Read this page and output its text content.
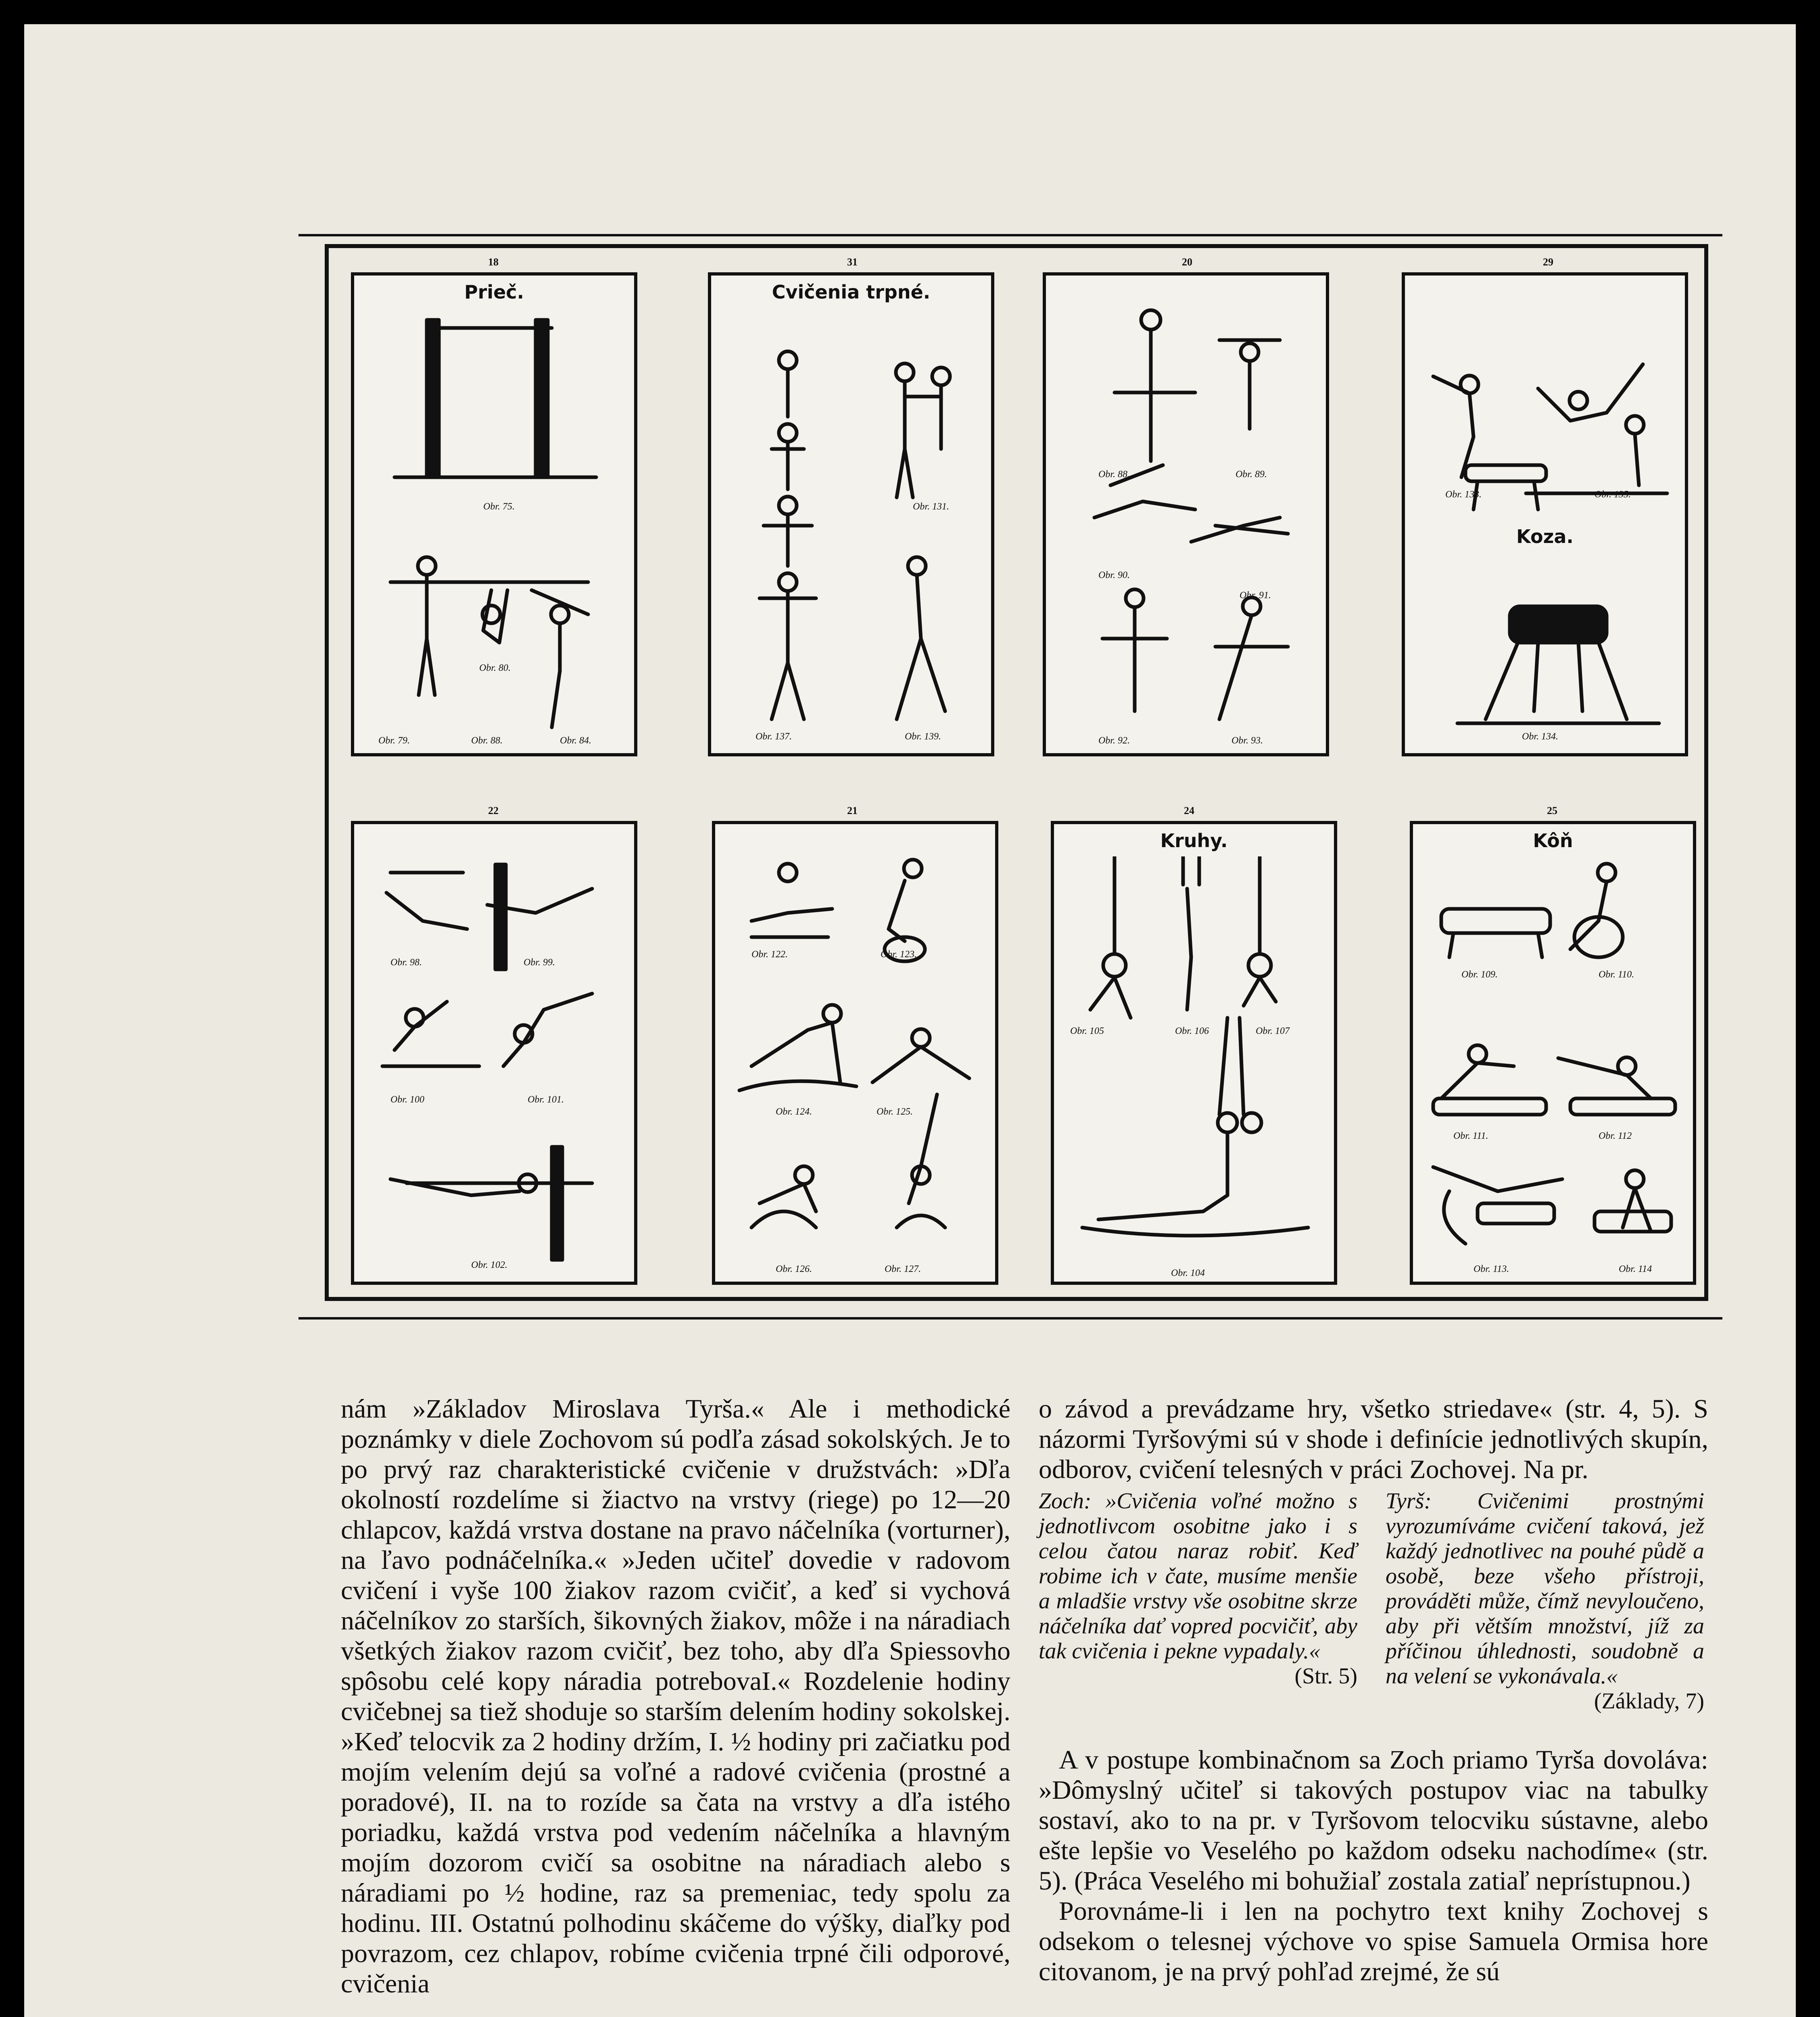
Prieč.
Obr. 75.
Obr. 79.
Obr. 80.
Obr. 88.	Obr. 84.
18
Cvičenia trpné.
Obr. 131.
Obr. 137.	Obr. 139.
31
Obr. 88.	Obr. 89.
Obr. 90.
Obr. 91.
Obr. 92.	Obr. 93.
20
Koza.
Obr. 133.	Obr. 135.
Obr. 134.
29
Obr. 98.	Obr. 99.
Obr. 100	Obr. 101.
Obr. 102.
22
Obr. 122.	Obr. 123.
Obr. 124.	Obr. 125.
Obr. 126.	Obr. 127.
21
Kruhy.
Obr. 105	Obr. 106	Obr. 107
Obr. 104
24
Kôň
Obr. 109.	Obr. 110.
Obr. 111.	Obr. 112
Obr. 113.	Obr. 114
25

nám »Základov Miroslava Tyrša.« Ale i methodické poznámky v diele Zochovom sú podľa zásad sokolských. Je to po prvý raz charakteristické cvičenie v družstvách: »Dľa okolností rozdelíme si žiactvo na vrstvy (riege) po 12—20 chlapcov, každá vrstva dostane na pravo náčelníka (vorturner), na ľavo podnáčelníka.« »Jeden učiteľ dovedie v radovom cvičení i vyše 100 žiakov razom cvičiť, a keď si vychová náčelníkov zo starších, šikovných žiakov, môže i na náradiach všetkých žiakov razom cvičiť, bez toho, aby dľa Spiessovho spôsobu celé kopy náradia potrebovaI.« Rozdelenie hodiny cvičebnej sa tiež shoduje so starším delením hodiny sokolskej. »Keď telocvik za 2 hodiny držím, I. ½ hodiny pri začiatku pod mojím velením dejú sa voľné a radové cvičenia (prostné a poradové), II. na to rozíde sa čata na vrstvy a dľa istého poriadku, každá vrstva pod vedením náčelníka a hlavným mojím dozorom cvičí sa osobitne na náradiach alebo s náradiami po ½ hodine, raz sa premeniac, tedy spolu za hodinu. III. Ostatnú polhodinu skáčeme do výšky, diaľky pod povrazom, cez chlapov, robíme cvičenia trpné čili odporové, cvičenia

o závod a prevádzame hry, všetko striedave« (str. 4, 5). S názormi Tyršovými sú v shode i definície jednotlivých skupín, odborov, cvičení telesných v práci Zochovej. Na pr.

Zoch: »Cvičenia voľné možno s jednotlivcom osobitne jako i s celou čatou naraz robiť. Keď robime ich v čate, musíme menšie a mladšie vrstvy vše osobitne skrze náčelníka dať vopred pocvičiť, aby tak cvičenia i pekne vypadaly.«
(Str. 5)
Tyrš: Cvičenimi prostnými vyrozumíváme cvičení taková, jež každý jednotlivec na pouhé půdě a osobě, beze všeho přístroji, prováděti může, čímž nevyloučeno, aby při větším množství, jíž za příčinou úhlednosti, soudobně a na velení se vykonávala.«
(Základy, 7)

A v postupe kombinačnom sa Zoch priamo Tyrša dovoláva: »Dômyslný učiteľ si takových postupov viac na tabulky sostaví, ako to na pr. v Tyršovom telocviku sústavne, alebo ešte lepšie vo Veselého po každom odseku nachodíme« (str. 5). (Práca Veselého mi bohužiaľ zostala zatiaľ neprístupnou.)

Porovnáme-li i len na pochytro text knihy Zochovej s odsekom o telesnej výchove vo spise Samuela Ormisa hore citovanom, je na prvý pohľad zrejmé, že sú
